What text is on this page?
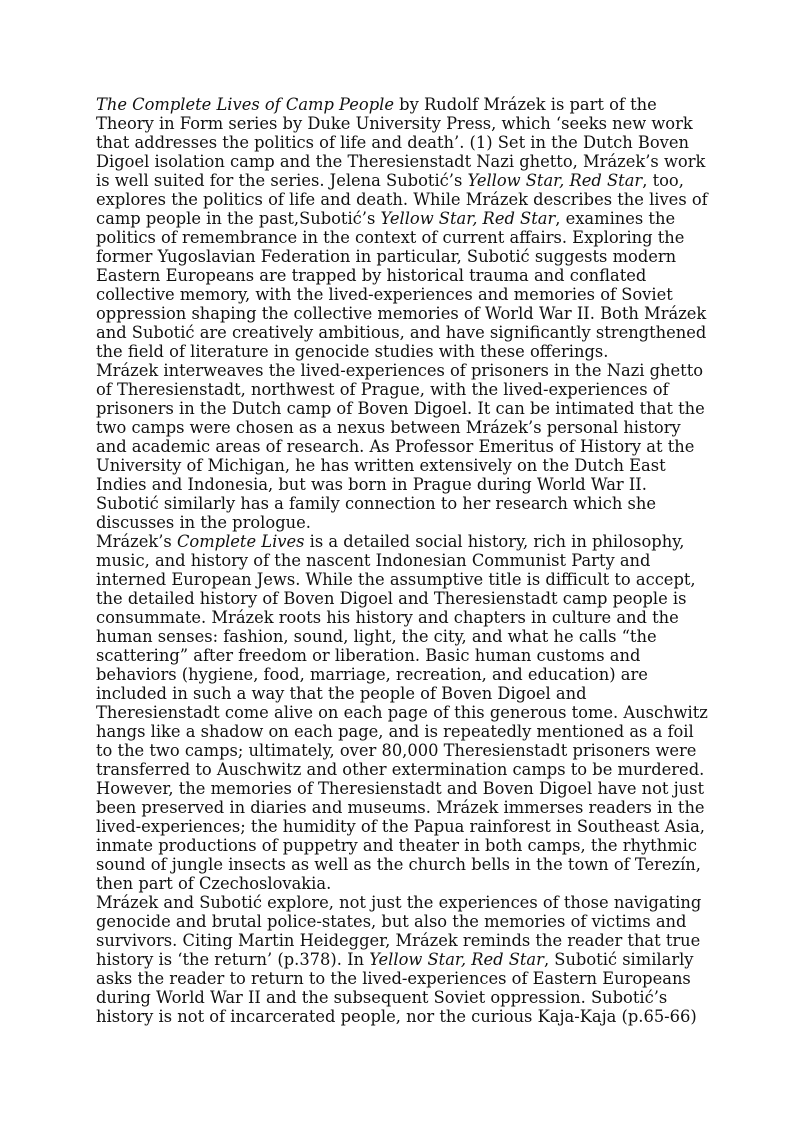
The Complete Lives of Camp People by Rudolf Mrázek is part of the Theory in Form series by Duke University Press, which ‘seeks new work that addresses the politics of life and death’. (1) Set in the Dutch Boven Digoel isolation camp and the Theresienstadt Nazi ghetto, Mrázek’s work is well suited for the series. Jelena Subotić’s Yellow Star, Red Star, too, explores the politics of life and death. While Mrázek describes the lives of camp people in the past,Subotić’s Yellow Star, Red Star, examines the politics of remembrance in the context of current affairs. Exploring the former Yugoslavian Federation in particular, Subotić suggests modern Eastern Europeans are trapped by historical trauma and conflated collective memory, with the lived-experiences and memories of Soviet oppression shaping the collective memories of World War II. Both Mrázek and Subotić are creatively ambitious, and have significantly strengthened the field of literature in genocide studies with these offerings.

Mrázek interweaves the lived-experiences of prisoners in the Nazi ghetto of Theresienstadt, northwest of Prague, with the lived-experiences of prisoners in the Dutch camp of Boven Digoel. It can be intimated that the two camps were chosen as a nexus between Mrázek’s personal history and academic areas of research. As Professor Emeritus of History at the University of Michigan, he has written extensively on the Dutch East Indies and Indonesia, but was born in Prague during World War II. Subotić similarly has a family connection to her research which she discusses in the prologue.

Mrázek’s Complete Lives is a detailed social history, rich in philosophy, music, and history of the nascent Indonesian Communist Party and interned European Jews. While the assumptive title is difficult to accept, the detailed history of Boven Digoel and Theresienstadt camp people is consummate. Mrázek roots his history and chapters in culture and the human senses: fashion, sound, light, the city, and what he calls “the scattering” after freedom or liberation. Basic human customs and behaviors (hygiene, food, marriage, recreation, and education) are included in such a way that the people of Boven Digoel and Theresienstadt come alive on each page of this generous tome. Auschwitz hangs like a shadow on each page, and is repeatedly mentioned as a foil to the two camps; ultimately, over 80,000 Theresienstadt prisoners were transferred to Auschwitz and other extermination camps to be murdered. However, the memories of Theresienstadt and Boven Digoel have not just been preserved in diaries and museums. Mrázek immerses readers in the lived-experiences; the humidity of the Papua rainforest in Southeast Asia, inmate productions of puppetry and theater in both camps, the rhythmic sound of jungle insects as well as the church bells in the town of Terezín, then part of Czechoslovakia.

Mrázek and Subotić explore, not just the experiences of those navigating genocide and brutal police-states, but also the memories of victims and survivors. Citing Martin Heidegger, Mrázek reminds the reader that true history is ‘the return’ (p.378). In Yellow Star, Red Star, Subotić similarly asks the reader to return to the lived-experiences of Eastern Europeans during World War II and the subsequent Soviet oppression. Subotić’s history is not of incarcerated people, nor the curious Kaja-Kaja (p.65-66)
